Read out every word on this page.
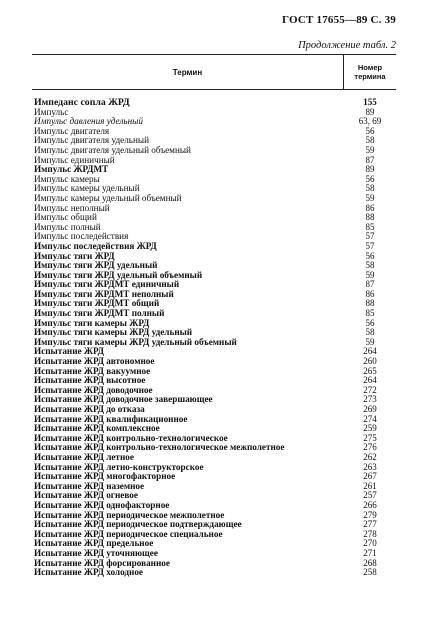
ГОСТ 17655—89 С. 39
Продолжение табл. 2
Термин	Номер термина
Импеданс сопла ЖРД	155
Импульс	89
Импульс давления удельный	63, 69
Импульс двигателя	56
Импульс двигателя удельный	58
Импульс двигателя удельный объемный	59
Импульс единичный	87
Импульс ЖРДМТ	89
Импульс камеры	56
Импульс камеры удельный	58
Импульс камеры удельный объемный	59
Импульс неполный	86
Импульс общий	88
Импульс полный	85
Импульс последействия	57
Импульс последействия ЖРД	57
Импульс тяги ЖРД	56
Импульс тяги ЖРД удельный	58
Импульс тяги ЖРД удельный объемный	59
Импульс тяги ЖРДМТ единичный	87
Импульс тяги ЖРДМТ неполный	86
Импульс тяги ЖРДМТ общий	88
Импульс тяги ЖРДМТ полный	85
Импульс тяги камеры ЖРД	56
Импульс тяги камеры ЖРД удельный	58
Импульс тяги камеры ЖРД удельный объемный	59
Испытание ЖРД	264
Испытание ЖРД автономное	260
Испытание ЖРД вакуумное	265
Испытание ЖРД высотное	264
Испытание ЖРД доводочное	272
Испытание ЖРД доводочное завершающее	273
Испытание ЖРД до отказа	269
Испытание ЖРД квалификационное	274
Испытание ЖРД комплексное	259
Испытание ЖРД контрольно-технологическое	275
Испытание ЖРД контрольно-технологическое межполетное	276
Испытание ЖРД летное	262
Испытание ЖРД летно-конструкторское	263
Испытание ЖРД многофакторное	267
Испытание ЖРД наземное	261
Испытание ЖРД огневое	257
Испытание ЖРД однофакторное	266
Испытание ЖРД периодическое межполетное	279
Испытание ЖРД периодическое подтверждающее	277
Испытание ЖРД периодическое специальное	278
Испытание ЖРД предельное	270
Испытание ЖРД уточняющее	271
Испытание ЖРД форсированное	268
Испытание ЖРД холодное	258
